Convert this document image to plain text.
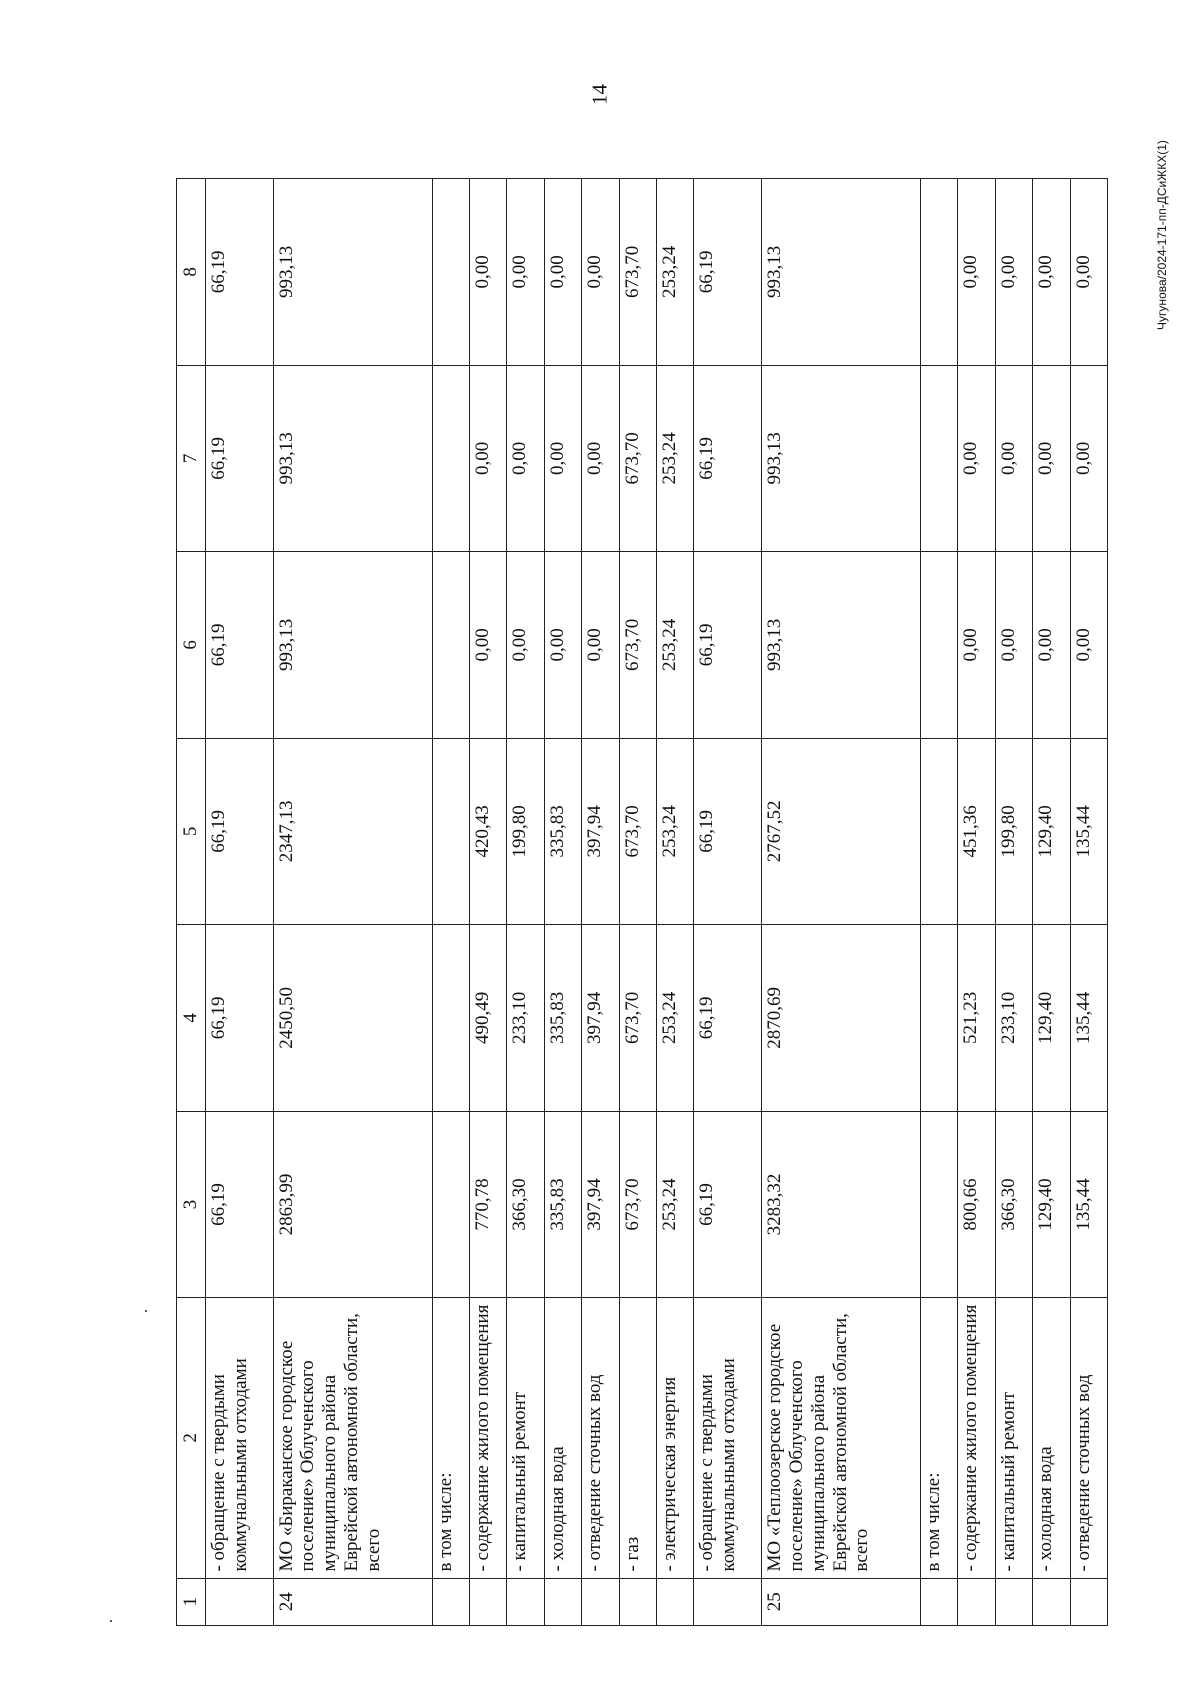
14
Чугунова/2024-171-пп-ДСиЖКХ(1)
1	2	3	4	5	6	7	8
	- обращение с твердыми коммунальными отходами	66,19	66,19	66,19	66,19	66,19	66,19
24	МО «Бираканское городское поселение» Облученского муниципального района Еврейской автономной области, всего	2863,99	2450,50	2347,13	993,13	993,13	993,13
	в том числе:						
	- содержание жилого помещения	770,78	490,49	420,43	0,00	0,00	0,00
	- капитальный ремонт	366,30	233,10	199,80	0,00	0,00	0,00
	- холодная вода	335,83	335,83	335,83	0,00	0,00	0,00
	- отведение сточных вод	397,94	397,94	397,94	0,00	0,00	0,00
	- газ	673,70	673,70	673,70	673,70	673,70	673,70
	- электрическая энергия	253,24	253,24	253,24	253,24	253,24	253,24
	- обращение с твердыми коммунальными отходами	66,19	66,19	66,19	66,19	66,19	66,19
25	МО «Теплоозерское городское поселение» Облученского муниципального района Еврейской автономной области, всего	3283,32	2870,69	2767,52	993,13	993,13	993,13
	в том числе:						
	- содержание жилого помещения	800,66	521,23	451,36	0,00	0,00	0,00
	- капитальный ремонт	366,30	233,10	199,80	0,00	0,00	0,00
	- холодная вода	129,40	129,40	129,40	0,00	0,00	0,00
	- отведение сточных вод	135,44	135,44	135,44	0,00	0,00	0,00
